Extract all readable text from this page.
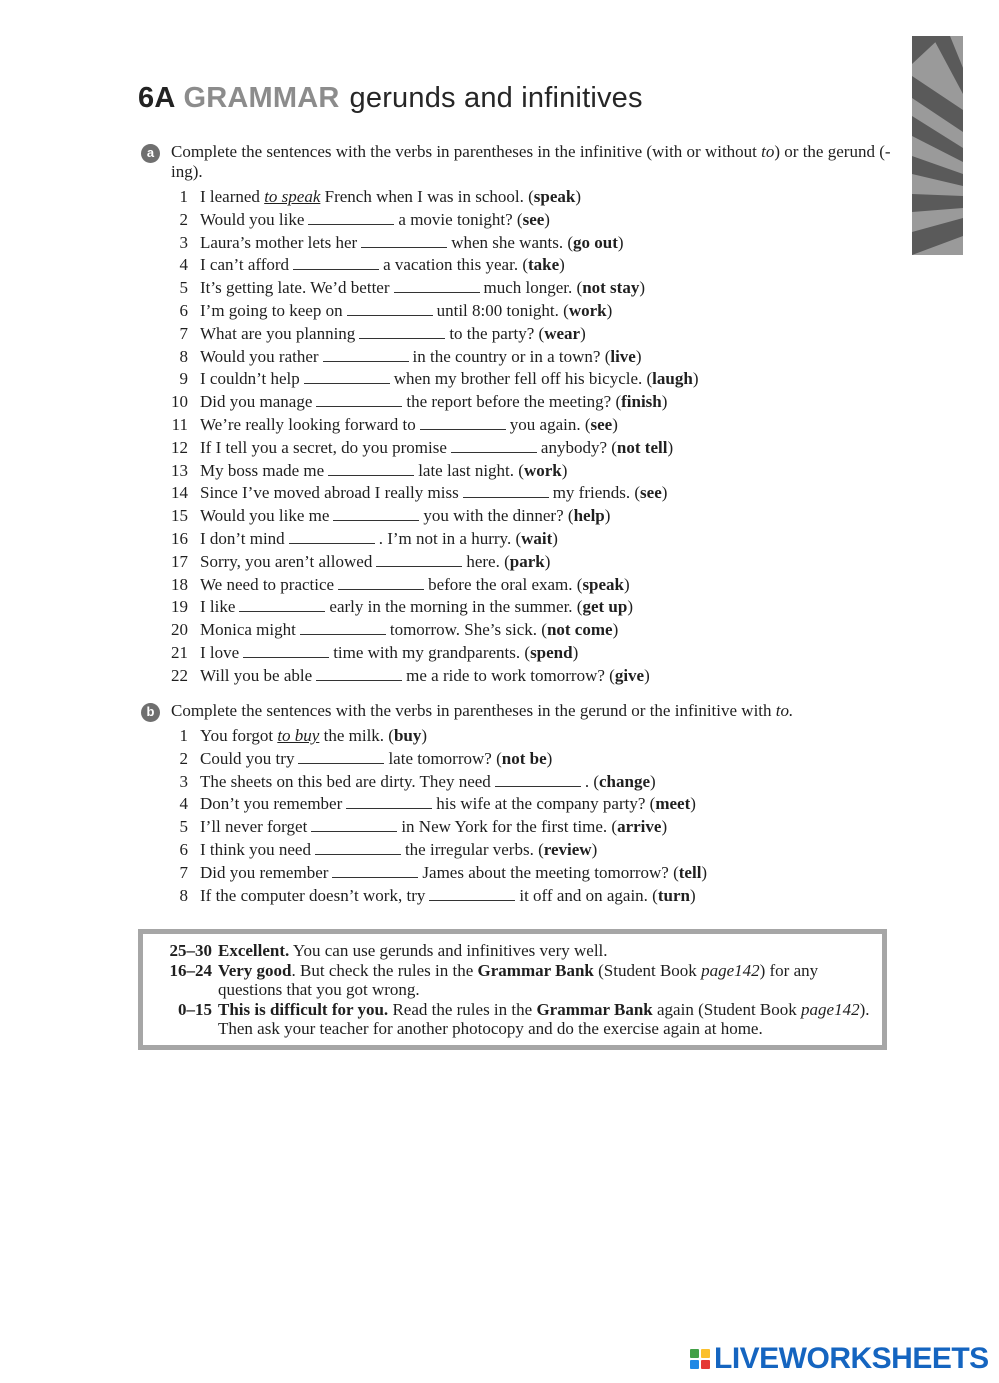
6A GRAMMAR gerunds and infinitives
a Complete the sentences with the verbs in parentheses in the infinitive (with or without to) or the gerund (-ing).

1 I learned to speak French when I was in school. (speak)
2 Would you like	a movie tonight? (see)
3 Laura’s mother lets her	when she wants. (go out)
4 I can’t afford	a vacation this year. (take)
5 It’s getting late. We’d better	much longer. (not stay)
6 I’m going to keep on	until 8:00 tonight. (work)
7 What are you planning	to the party? (wear)
8 Would you rather	in the country or in a town? (live)
9 I couldn’t help	when my brother fell off his bicycle. (laugh)
10 Did you manage	the report before the meeting? (finish)
11 We’re really looking forward to	you again. (see)
12 If I tell you a secret, do you promise	anybody? (not tell)
13 My boss made me	late last night. (work)
14 Since I’ve moved abroad I really miss	my friends. (see)
15 Would you like me	you with the dinner? (help)
16 I don’t mind	. I’m not in a hurry. (wait)
17 Sorry, you aren’t allowed	here. (park)
18 We need to practice	before the oral exam. (speak)
19 I like	early in the morning in the summer. (get up)
20 Monica might	tomorrow. She’s sick. (not come)
21 I love	time with my grandparents. (spend)
22 Will you be able	me a ride to work tomorrow? (give)
b Complete the sentences with the verbs in parentheses in the gerund or the infinitive with to.

1 You forgot to buy the milk. (buy)
2 Could you try	late tomorrow? (not be)
3 The sheets on this bed are dirty. They need	. (change)
4 Don’t you remember	his wife at the company party? (meet)
5 I’ll never forget	in New York for the first time. (arrive)
6 I think you need	the irregular verbs. (review)
7 Did you remember	James about the meeting tomorrow? (tell)
8 If the computer doesn’t work, try	it off and on again. (turn)
25–30 Excellent. You can use gerunds and infinitives very well.
16–24 Very good. But check the rules in the Grammar Bank (Student Book page142) for any questions that you got wrong.
0–15 This is difficult for you. Read the rules in the Grammar Bank again (Student Book page142). Then ask your teacher for another photocopy and do the exercise again at home.
LIVEWORKSHEETS
